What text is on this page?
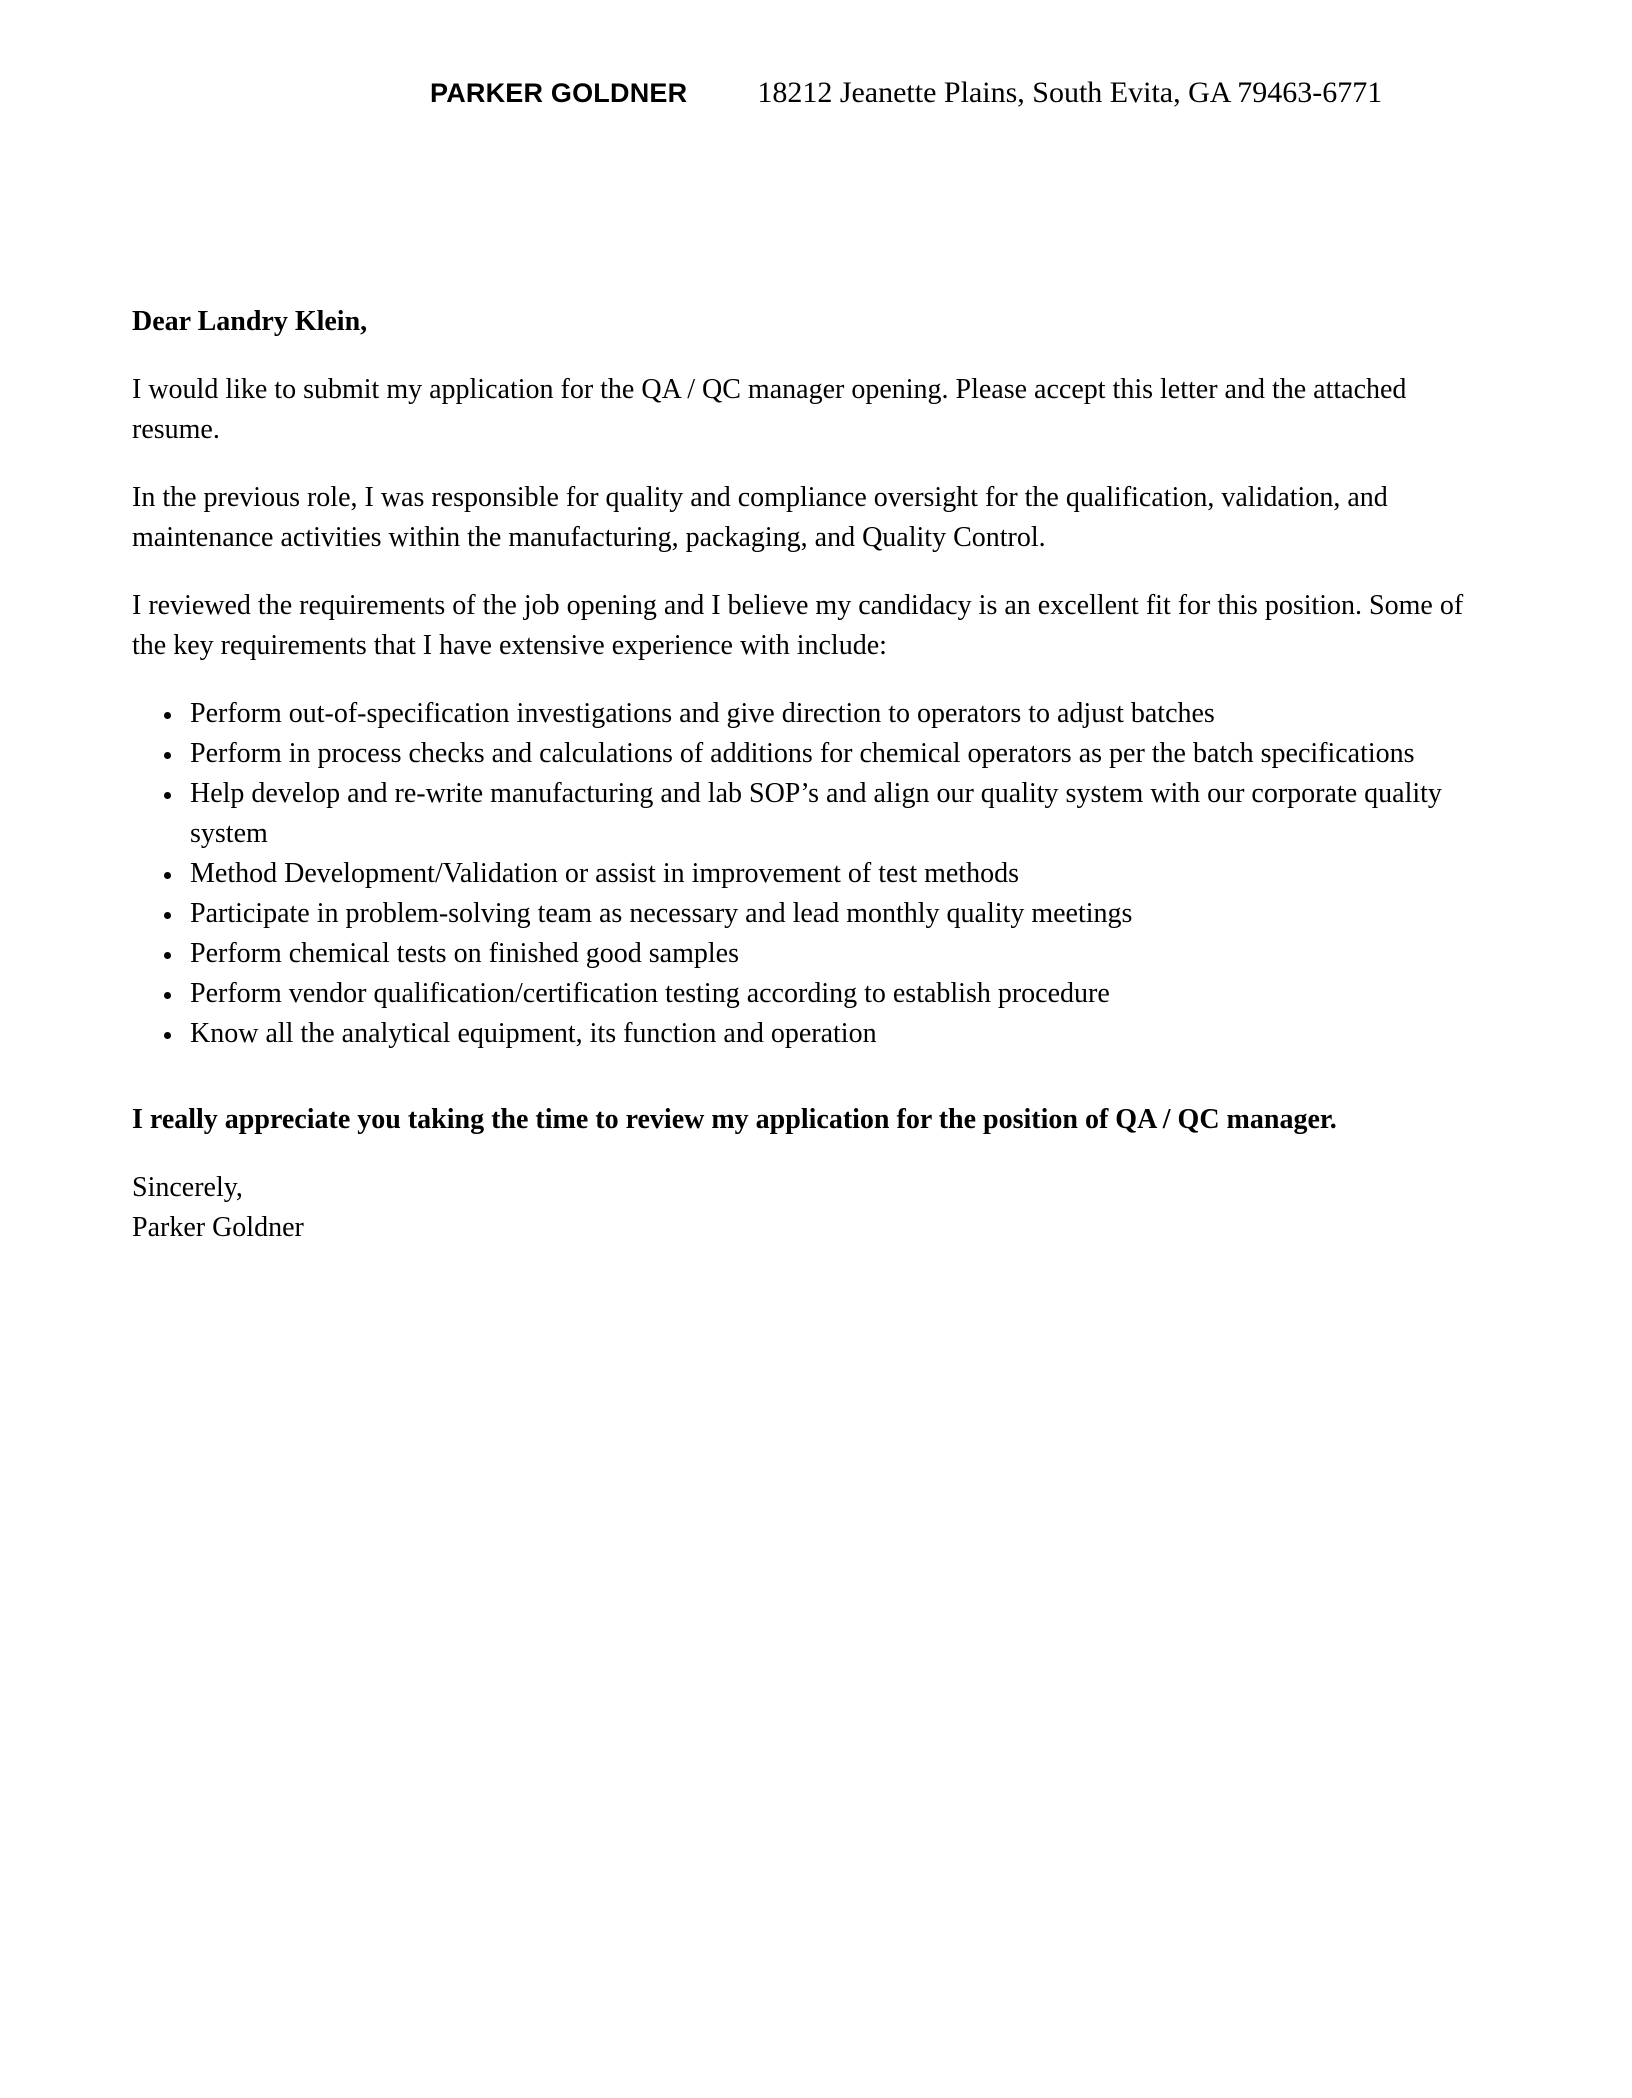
PARKER GOLDNER 18212 Jeanette Plains, South Evita, GA 79463-6771

Dear Landry Klein,

I would like to submit my application for the QA / QC manager opening. Please accept this letter and the attached resume.

In the previous role, I was responsible for quality and compliance oversight for the qualification, validation, and maintenance activities within the manufacturing, packaging, and Quality Control.

I reviewed the requirements of the job opening and I believe my candidacy is an excellent fit for this position. Some of the key requirements that I have extensive experience with include:

• Perform out-of-specification investigations and give direction to operators to adjust batches
• Perform in process checks and calculations of additions for chemical operators as per the batch specifications
• Help develop and re-write manufacturing and lab SOP’s and align our quality system with our corporate quality system
• Method Development/Validation or assist in improvement of test methods
• Participate in problem-solving team as necessary and lead monthly quality meetings
• Perform chemical tests on finished good samples
• Perform vendor qualification/certification testing according to establish procedure
• Know all the analytical equipment, its function and operation

I really appreciate you taking the time to review my application for the position of QA / QC manager.

Sincerely,
Parker Goldner
